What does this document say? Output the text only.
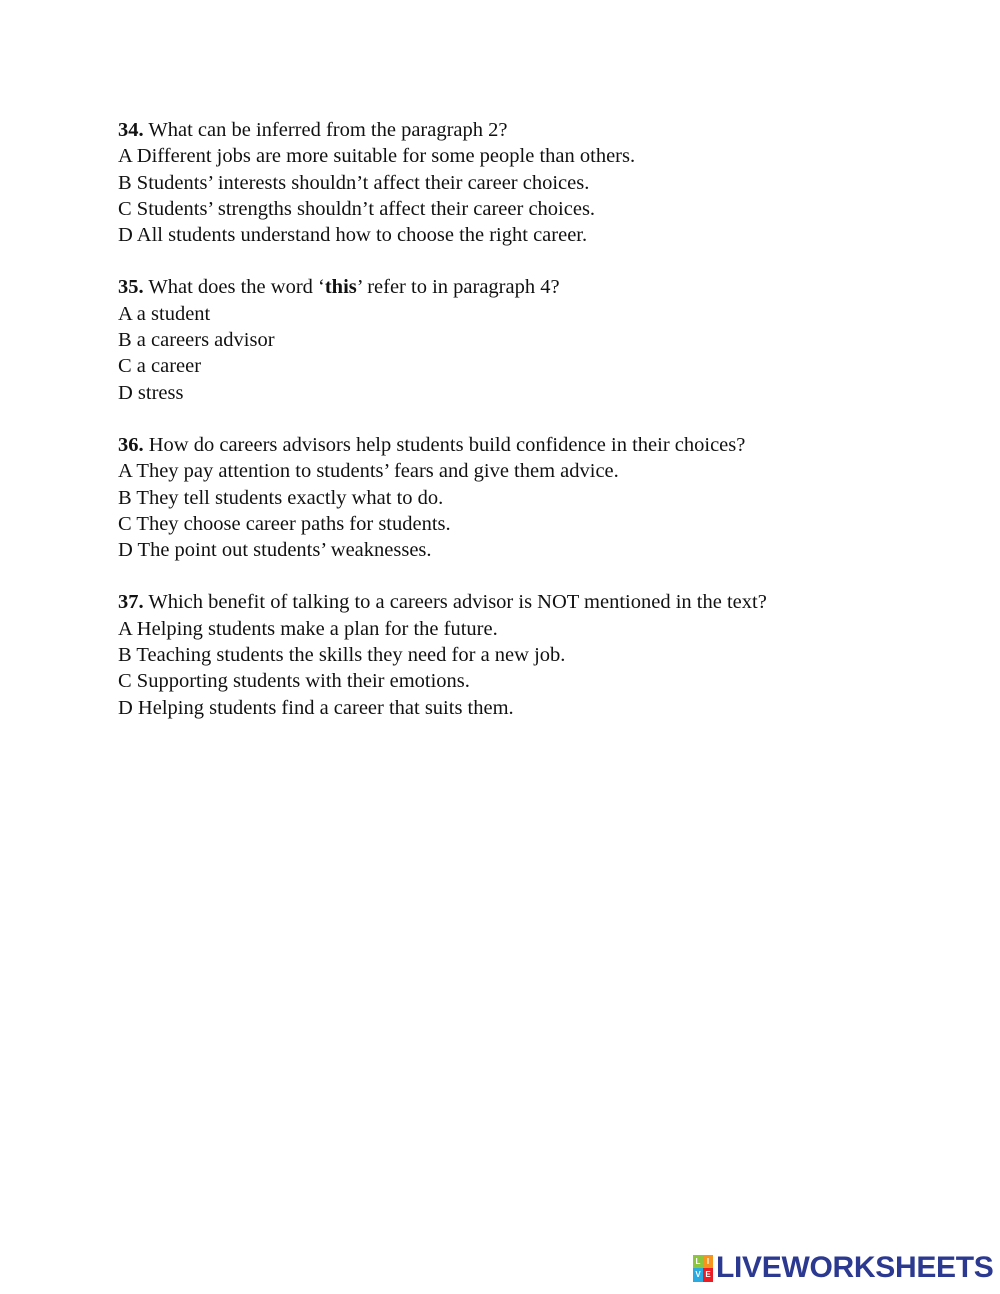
34. What can be inferred from the paragraph 2?
A Different jobs are more suitable for some people than others.
B Students’ interests shouldn’t affect their career choices.
C Students’ strengths shouldn’t affect their career choices.
D All students understand how to choose the right career.
35. What does the word ‘this’ refer to in paragraph 4?
A a student
B a careers advisor
C a career
D stress
36. How do careers advisors help students build confidence in their choices?
A They pay attention to students’ fears and give them advice.
B They tell students exactly what to do.
C They choose career paths for students.
D The point out students’ weaknesses.
37. Which benefit of talking to a careers advisor is NOT mentioned in the text?
A Helping students make a plan for the future.
B Teaching students the skills they need for a new job.
C Supporting students with their emotions.
D Helping students find a career that suits them.
L I
V E LIVEWORKSHEETS
